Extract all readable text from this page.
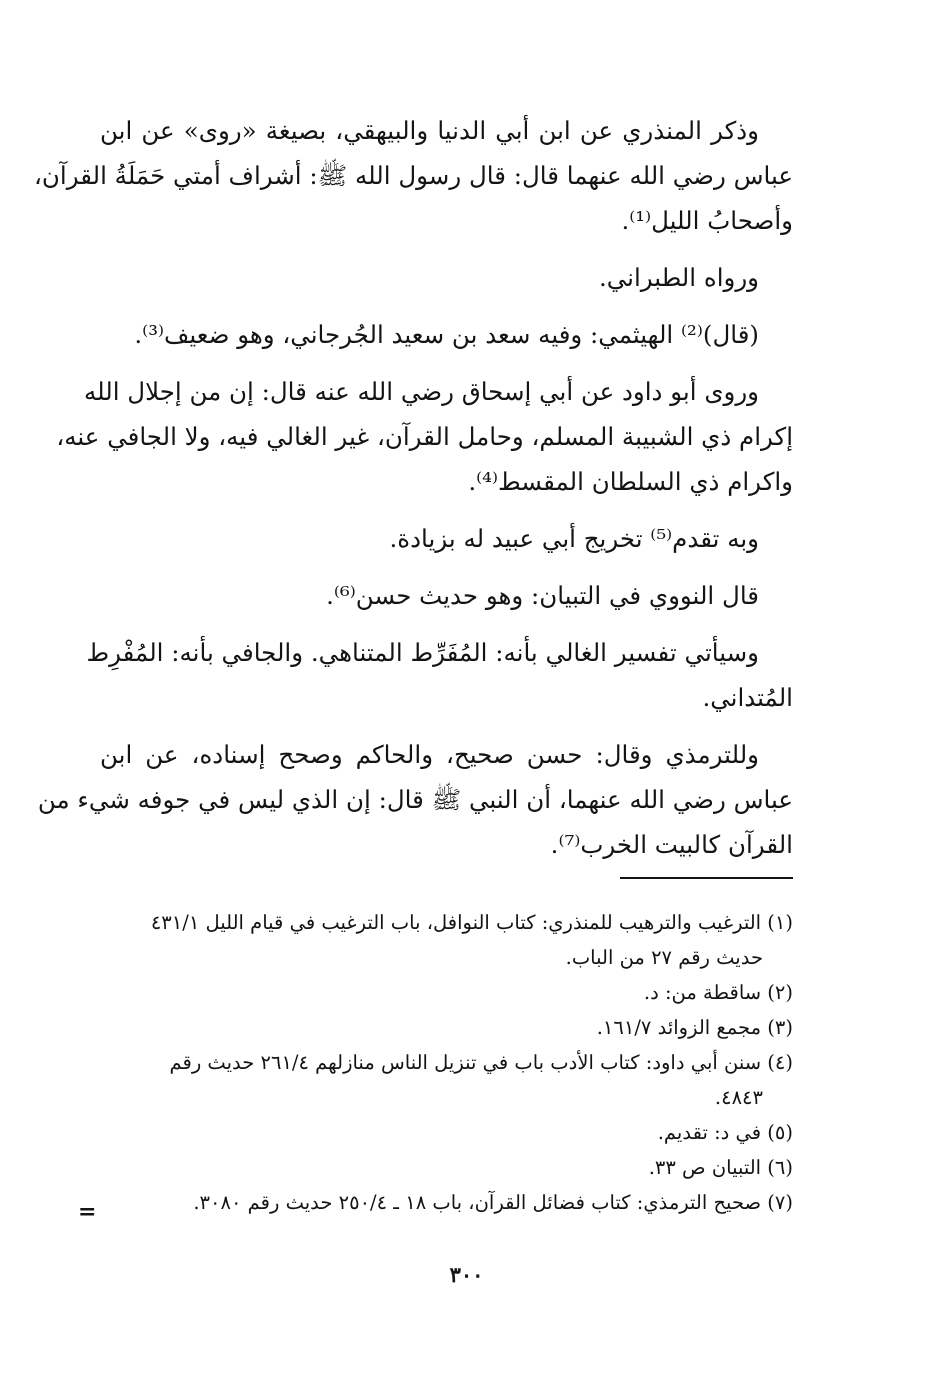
وذكر المنذري عن ابن أبي الدنيا والبيهقي، بصيغة «روى» عن ابن
عباس رضي الله عنهما قال: قال رسول الله ﷺ: أشراف أمتي حَمَلَةُ القرآن،
وأصحابُ الليل⁽¹⁾.

ورواه الطبراني.

(قال)⁽²⁾ الهيثمي: وفيه سعد بن سعيد الجُرجاني، وهو ضعيف⁽³⁾.

وروى أبو داود عن أبي إسحاق رضي الله عنه قال: إن من إجلال الله
إكرام ذي الشبيبة المسلم، وحامل القرآن، غير الغالي فيه، ولا الجافي عنه،
واكرام ذي السلطان المقسط⁽⁴⁾.

وبه تقدم⁽⁵⁾ تخريج أبي عبيد له بزيادة.

قال النووي في التبيان: وهو حديث حسن⁽⁶⁾.

وسيأتي تفسير الغالي بأنه: المُفَرِّط المتناهي. والجافي بأنه: المُفْرِط
المُتداني.

وللترمذي وقال: حسن صحيح، والحاكم وصحح إسناده، عن ابن
عباس رضي الله عنهما، أن النبي ﷺ قال: إن الذي ليس في جوفه شيء من
القرآن كالبيت الخرب⁽⁷⁾.

(١) الترغيب والترهيب للمنذري: كتاب النوافل، باب الترغيب في قيام الليل ٤٣١/١

حديث رقم ٢٧ من الباب.

(٢) ساقطة من: د.

(٣) مجمع الزوائد ١٦١/٧.

(٤) سنن أبي داود: كتاب الأدب باب في تنزيل الناس منازلهم ٢٦١/٤ حديث رقم

٤٨٤٣.

(٥) في د: تقديم.

(٦) التبيان ص ٣٣.

(٧) صحيح الترمذي: كتاب فضائل القرآن، باب ١٨ ـ ٢٥٠/٤ حديث رقم ٣٠٨٠.

=
٣٠٠
